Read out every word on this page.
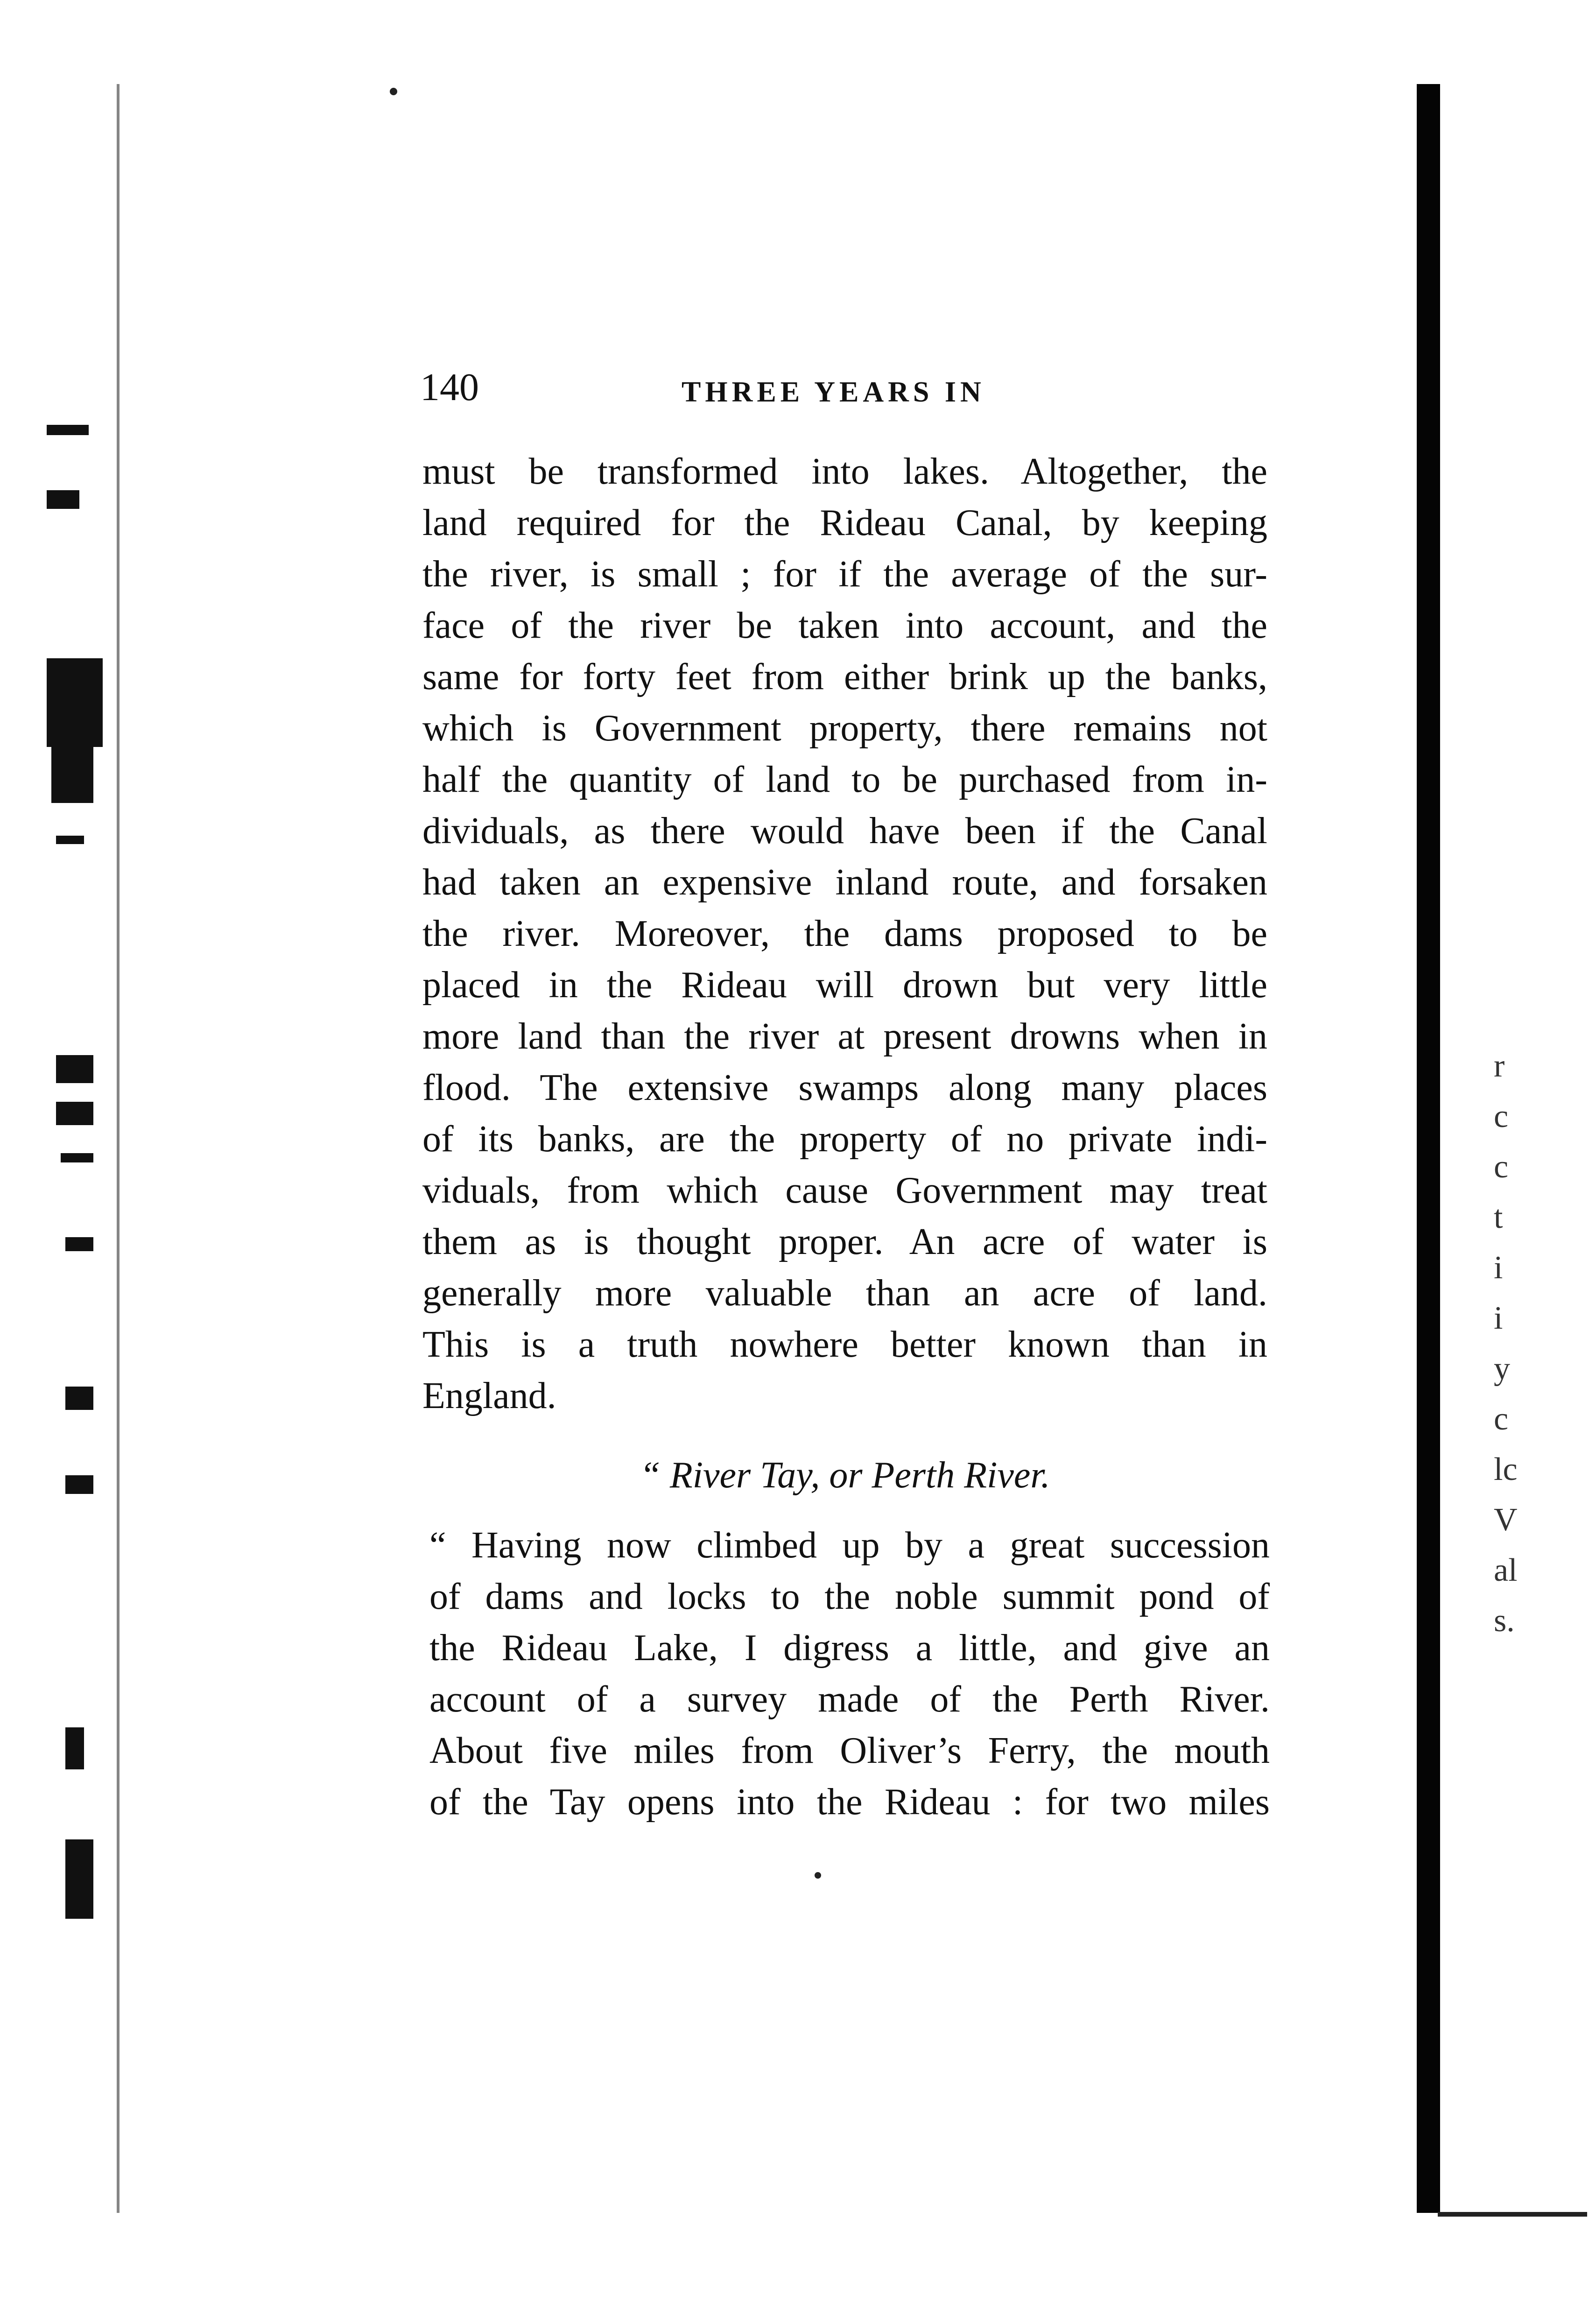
140	THREE YEARS IN
must be transformed into lakes. Altogether, the
land required for the Rideau Canal, by keeping
the river, is small ; for if the average of the sur-
face of the river be taken into account, and the
same for forty feet from either brink up the banks,
which is Government property, there remains not
half the quantity of land to be purchased from in-
dividuals, as there would have been if the Canal
had taken an expensive inland route, and forsaken
the river. Moreover, the dams proposed to be
placed in the Rideau will drown but very little
more land than the river at present drowns when in
flood. The extensive swamps along many places
of its banks, are the property of no private indi-
viduals, from which cause Government may treat
them as is thought proper. An acre of water is
generally more valuable than an acre of land.
This is a truth nowhere better known than in
England.
“ River Tay, or Perth River.
“ Having now climbed up by a great succession
of dams and locks to the noble summit pond of
the Rideau Lake, I digress a little, and give an
account of a survey made of the Perth River.
About five miles from Oliver’s Ferry, the mouth
of the Tay opens into the Rideau : for two miles
r
c
c
t
i
i
y
c
lc
V
al
s.
